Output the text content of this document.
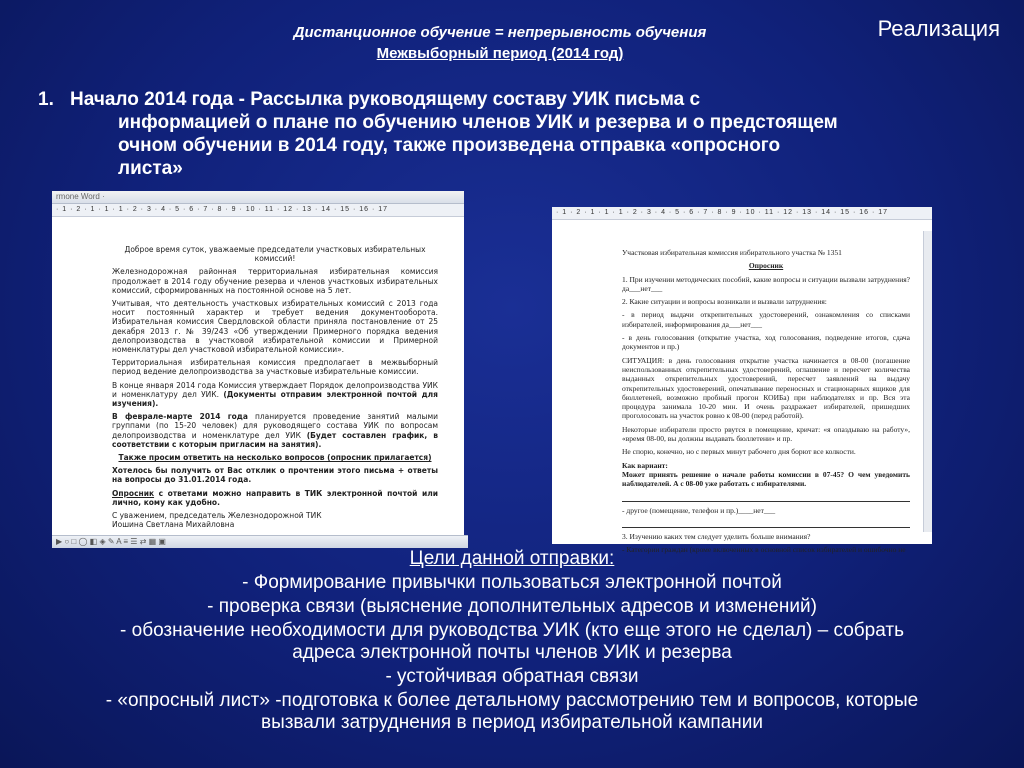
Дистанционное обучение = непрерывность обучения
Межвыборный период (2014 год)
Реализация
1. Начало 2014 года - Рассылка руководящему составу УИК письма с
информацией о плане по обучению членов УИК и резерва и о предстоящем
очном обучении в 2014 году, также произведена отправка «опросного
листа»
rmone Word ·
· 1 · 2 · 1 · 1 · 1 · 2 · 3 · 4 · 5 · 6 · 7 · 8 · 9 · 10 · 11 · 12 · 13 · 14 · 15 · 16 · 17

Доброе время суток, уважаемые председатели участковых избирательных комиссий!

Железнодорожная районная территориальная избирательная комиссия продолжает в 2014 году обучение резерва и членов участковых избирательных комиссий, сформированных на постоянной основе на 5 лет.

Учитывая, что деятельность участковых избирательных комиссий с 2013 года носит постоянный характер и требует ведения документооборота. Избирательная комиссия Свердловской области приняла постановление от 25 декабря 2013 г. № 39/243 «Об утверждении Примерного порядка ведения делопроизводства в участковой избирательной комиссии и Примерной номенклатуры дел участковой избирательной комиссии».

Территориальная избирательная комиссия предполагает в межвыборный период ведение делопроизводства за участковые избирательные комиссии.

В конце января 2014 года Комиссия утверждает Порядок делопроизводства УИК и номенклатуру дел УИК. (Документы отправим электронной почтой для изучения).

В феврале-марте 2014 года планируется проведение занятий малыми группами (по 15-20 человек) для руководящего состава УИК по вопросам делопроизводства и номенклатуре дел УИК (Будет составлен график, в соответствии с которым пригласим на занятия).

Также просим ответить на несколько вопросов (опросник прилагается)

Хотелось бы получить от Вас отклик о прочтении этого письма + ответы на вопросы до 31.01.2014 года.

Опросник с ответами можно направить в ТИК электронной почтой или лично, кому как удобно.

С уважением, председатель Железнодорожной ТИК

Иошина Светлана Михайловна

▶ ○ □ ◯ ◧ ◈ ✎ A ≡ ☰ ⇄ ▦ ▣
· 1 · 2 · 1 · 1 · 1 · 2 · 3 · 4 · 5 · 6 · 7 · 8 · 9 · 10 · 11 · 12 · 13 · 14 · 15 · 16 · 17

Участковая избирательная комиссия избирательного участка № 1351

Опросник

1. При изучении методических пособий, какие вопросы и ситуации вызвали затруднения? да___нет___

2. Какие ситуации и вопросы возникали и вызвали затруднения:

- в период выдачи открепительных удостоверений, ознакомления со списками избирателей, информирования да___нет___

- в день голосования (открытие участка, ход голосования, подведение итогов, сдача документов и пр.)

СИТУАЦИЯ: в день голосования открытие участка начинается в 08-00 (погашение неиспользованных открепительных удостоверений, оглашение и пересчет количества выданных открепительных удостоверений, пересчет заявлений на выдачу открепительных удостоверений, опечатывание переносных и стационарных ящиков для бюллетеней, возможно пробный прогон КОИБа) при наблюдателях и пр. Вся эта процедура занимала 10-20 мин. И очень раздражает избирателей, пришедших проголосовать на участок ровно к 08-00 (перед работой).

Некоторые избиратели просто рвутся в помещение, кричат: «я опаздываю на работу», «время 08-00, вы должны выдавать бюллетени» и пр.

Не спорю, конечно, но с первых минут рабочего дня борют все колкости.

Как вариант:

Может принять решение о начале работы комиссии в 07-45? О чем уведомить наблюдателей. А с 08-00 уже работать с избирателями.

- другое (помещение, телефон и пр.)____нет___

3. Изучению каких тем следует уделить больше внимания?

- Категории граждан (кроме включенных в основной список избирателей и ошибочно не

Цели данной отправки:
- Формирование привычки пользоваться электронной почтой
- проверка связи (выяснение дополнительных адресов и изменений)
- обозначение необходимости для руководства УИК (кто еще этого не сделал) – собрать
адреса электронной почты членов УИК и резерва
- устойчивая обратная связи
- «опросный лист» -подготовка к более детальному рассмотрению тем и вопросов, которые
вызвали затруднения в период избирательной кампании
